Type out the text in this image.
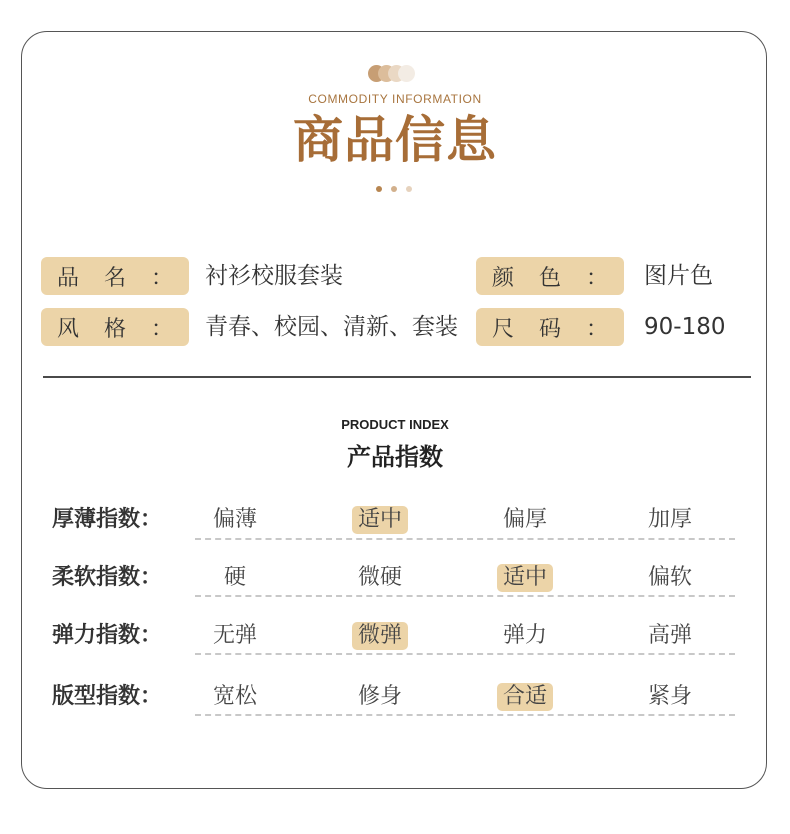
COMMODITY INFORMATION
商品信息
品 名 ： 衬衫校服套装	颜 色 ： 图片色
风 格 ： 青春、校园、清新、套装 尺 码 ： 90-180
PRODUCT INDEX
产品指数
厚薄指数：	偏薄	适中	偏厚	加厚
柔软指数：	硬	微硬	适中	偏软
弹力指数：	无弹	微弹	弹力	高弹
版型指数：	宽松	修身	合适	紧身
